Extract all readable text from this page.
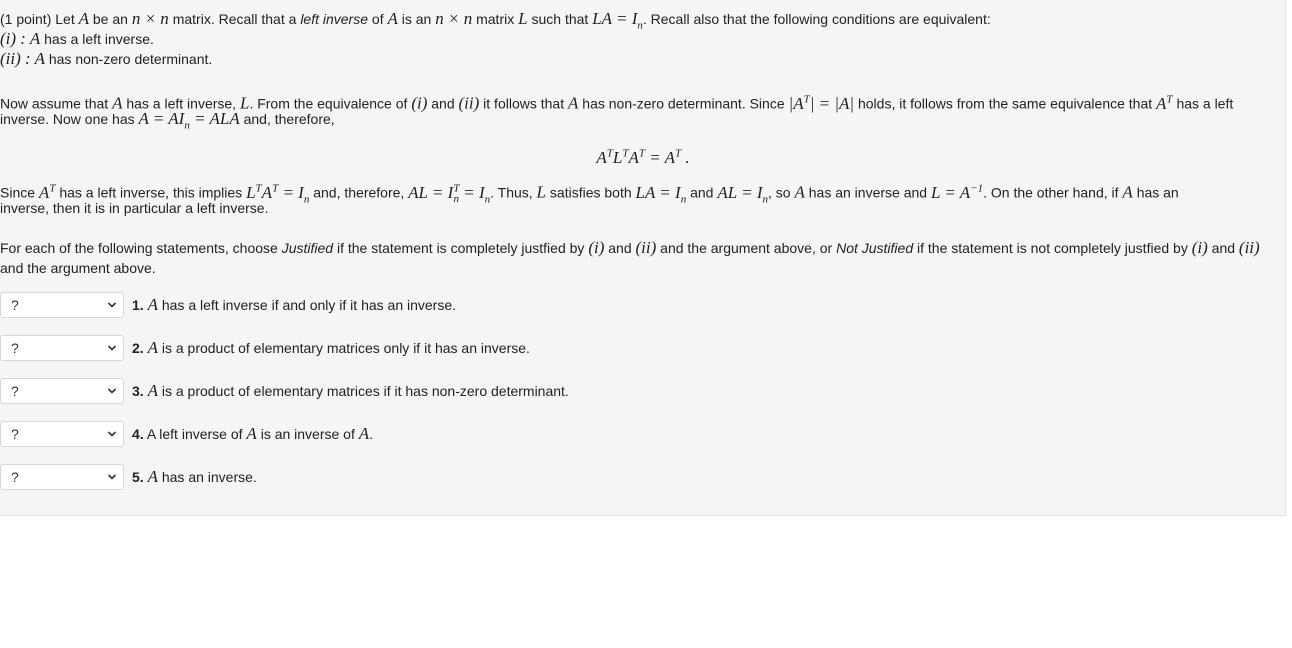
(1 point) Let A be an n × n matrix. Recall that a left inverse of A is an n × n matrix L such that LA = $I_n$. Recall also that the following conditions are equivalent:
(i) : A has a left inverse.
(ii) : A has non-zero determinant.
Now assume that A has a left inverse, L. From the equivalence of (i) and (ii) it follows that A has non-zero determinant. Since $|A^T| = |A|$ holds, it follows from the same equivalence that $A^T$ has a left
inverse. Now one has $A = AI_n$ = ALA and, therefore,
$A^TL^TA^T = A^T$ .
Since $A^T$ has a left inverse, this implies $L^TA^T = I_n$ and, therefore, AL = $I^T_n = I_n$. Thus, L satisfies both LA = $I_n$ and AL = $I_n$, so A has an inverse and $L = A^{-1}$. On the other hand, if A has an
inverse, then it is in particular a left inverse.
For each of the following statements, choose Justified if the statement is completely justfied by (i) and (ii) and the argument above, or Not Justified if the statement is not completely justfied by (i) and (ii)
and the argument above.
?	1. A has a left inverse if and only if it has an inverse.
?	2. A is a product of elementary matrices only if it has an inverse.
?	3. A is a product of elementary matrices if it has non-zero determinant.
?	4. A left inverse of A is an inverse of A.
?	5. A has an inverse.
